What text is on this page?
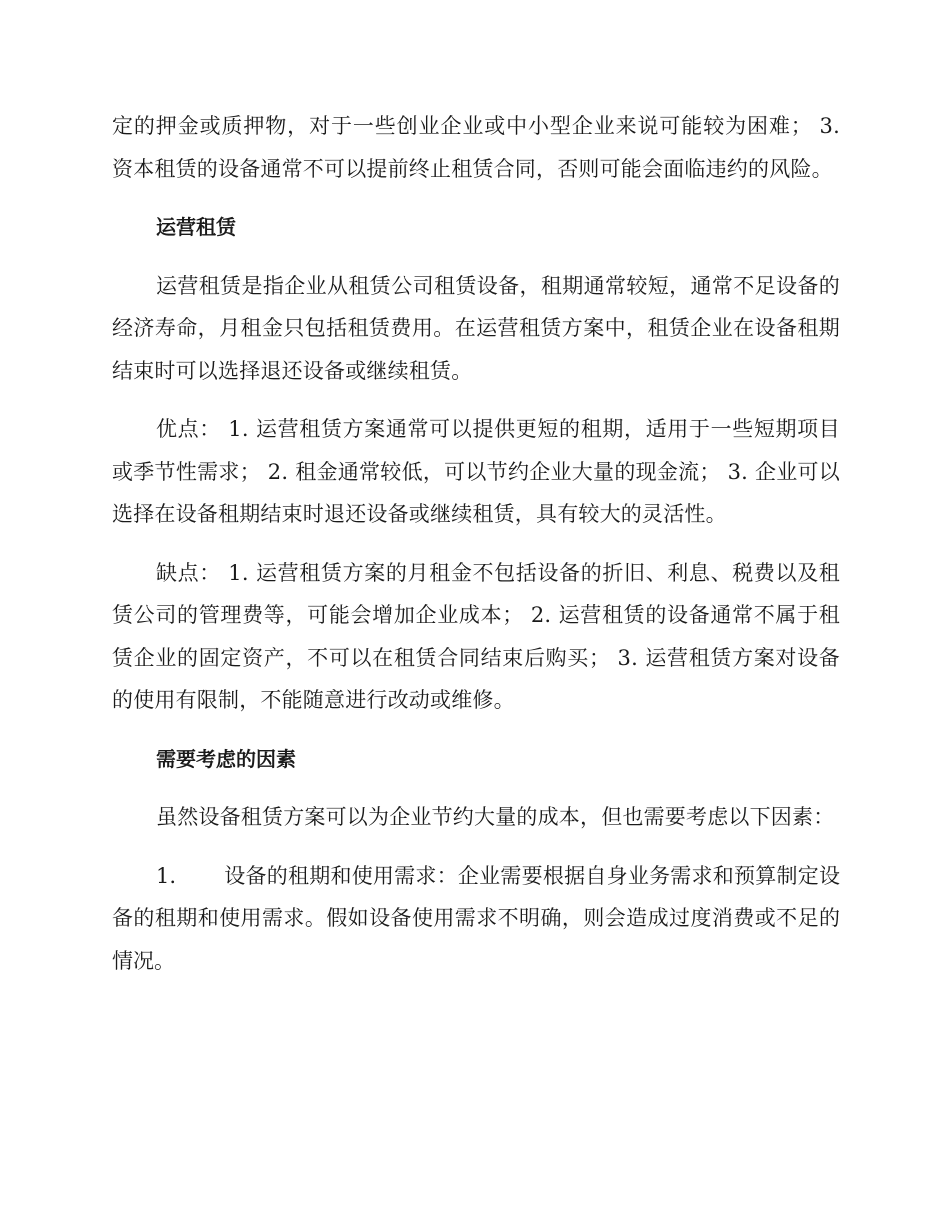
定的押金或质押物，对于一些创业企业或中小型企业来说可能较为困难； 3. 资本租赁的设备通常不可以提前终止租赁合同，否则可能会面临违约的风险。

运营租赁

运营租赁是指企业从租赁公司租赁设备，租期通常较短，通常不足设备的经济寿命，月租金只包括租赁费用。在运营租赁方案中，租赁企业在设备租期结束时可以选择退还设备或继续租赁。

优点： 1. 运营租赁方案通常可以提供更短的租期，适用于一些短期项目或季节性需求； 2. 租金通常较低，可以节约企业大量的现金流； 3. 企业可以选择在设备租期结束时退还设备或继续租赁，具有较大的灵活性。

缺点： 1. 运营租赁方案的月租金不包括设备的折旧、利息、税费以及租赁公司的管理费等，可能会增加企业成本； 2. 运营租赁的设备通常不属于租赁企业的固定资产，不可以在租赁合同结束后购买； 3. 运营租赁方案对设备的使用有限制，不能随意进行改动或维修。

需要考虑的因素

虽然设备租赁方案可以为企业节约大量的成本，但也需要考虑以下因素：

1. 设备的租期和使用需求：企业需要根据自身业务需求和预算制定设备的租期和使用需求。假如设备使用需求不明确，则会造成过度消费或不足的情况。
